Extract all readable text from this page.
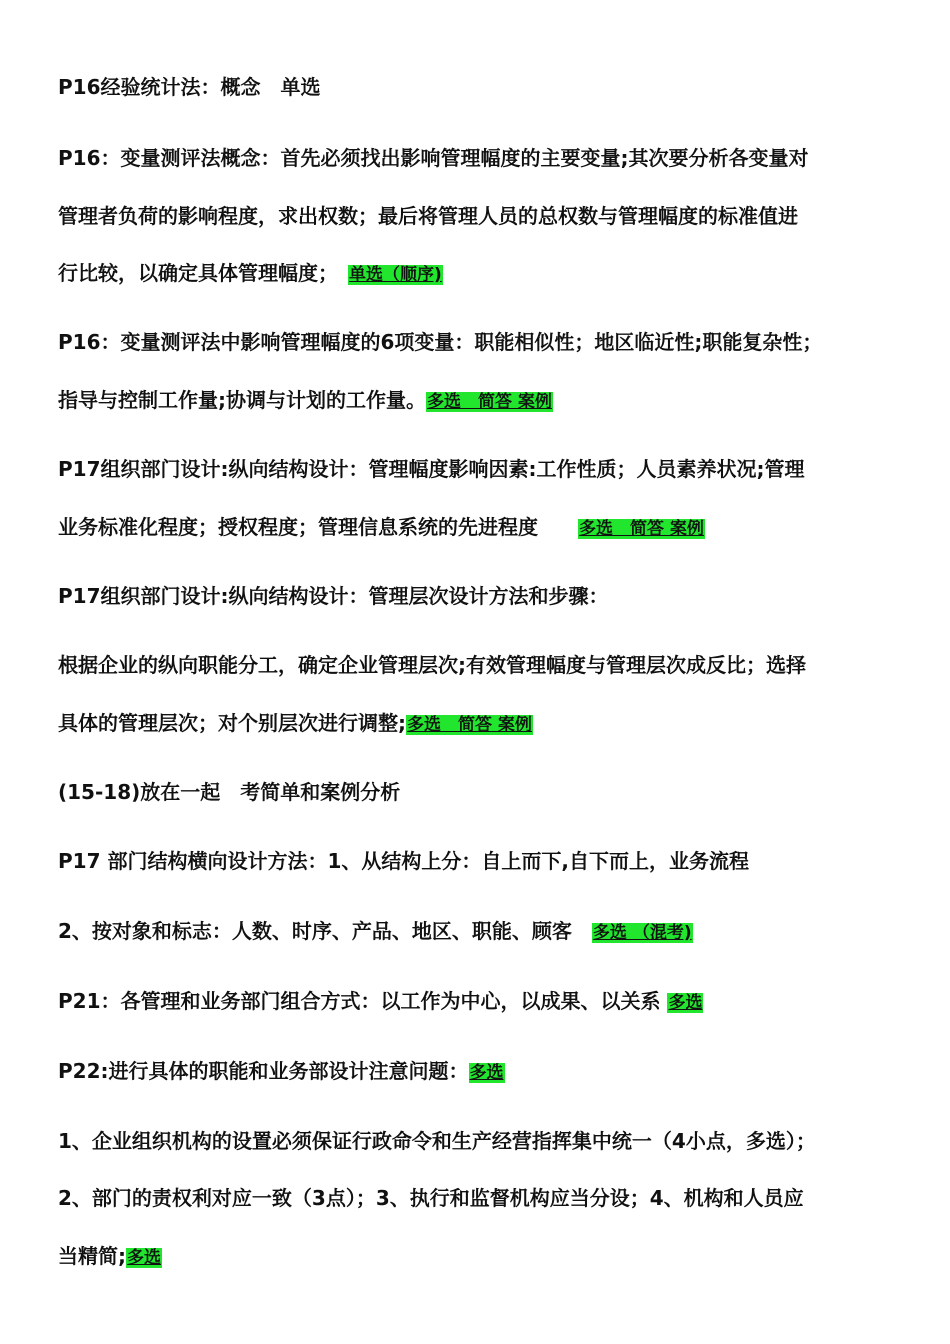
P16经验统计法：概念　单选
P16：变量测评法概念：首先必须找出影响管理幅度的主要变量;其次要分析各变量对
管理者负荷的影响程度，求出权数；最后将管理人员的总权数与管理幅度的标准值进
行比较，以确定具体管理幅度；　单选（顺序)
P16：变量测评法中影响管理幅度的6项变量：职能相似性；地区临近性;职能复杂性；
指导与控制工作量;协调与计划的工作量。多选　简答 案例
P17组织部门设计:纵向结构设计：管理幅度影响因素:工作性质；人员素养状况;管理
业务标准化程度；授权程度；管理信息系统的先进程度　　多选　简答 案例
P17组织部门设计:纵向结构设计：管理层次设计方法和步骤：
根据企业的纵向职能分工，确定企业管理层次;有效管理幅度与管理层次成反比；选择
具体的管理层次；对个别层次进行调整;多选　简答 案例
(15-18)放在一起　考简单和案例分析
P17 部门结构横向设计方法：1、从结构上分：自上而下,自下而上，业务流程
2、按对象和标志：人数、时序、产品、地区、职能、顾客　多选 （混考)
P21：各管理和业务部门组合方式：以工作为中心，以成果、以关系 多选
P22:进行具体的职能和业务部设计注意问题：多选
1、企业组织机构的设置必须保证行政命令和生产经营指挥集中统一（4小点，多选）；
2、部门的责权利对应一致（3点）；3、执行和监督机构应当分设；4、机构和人员应
当精简;多选
